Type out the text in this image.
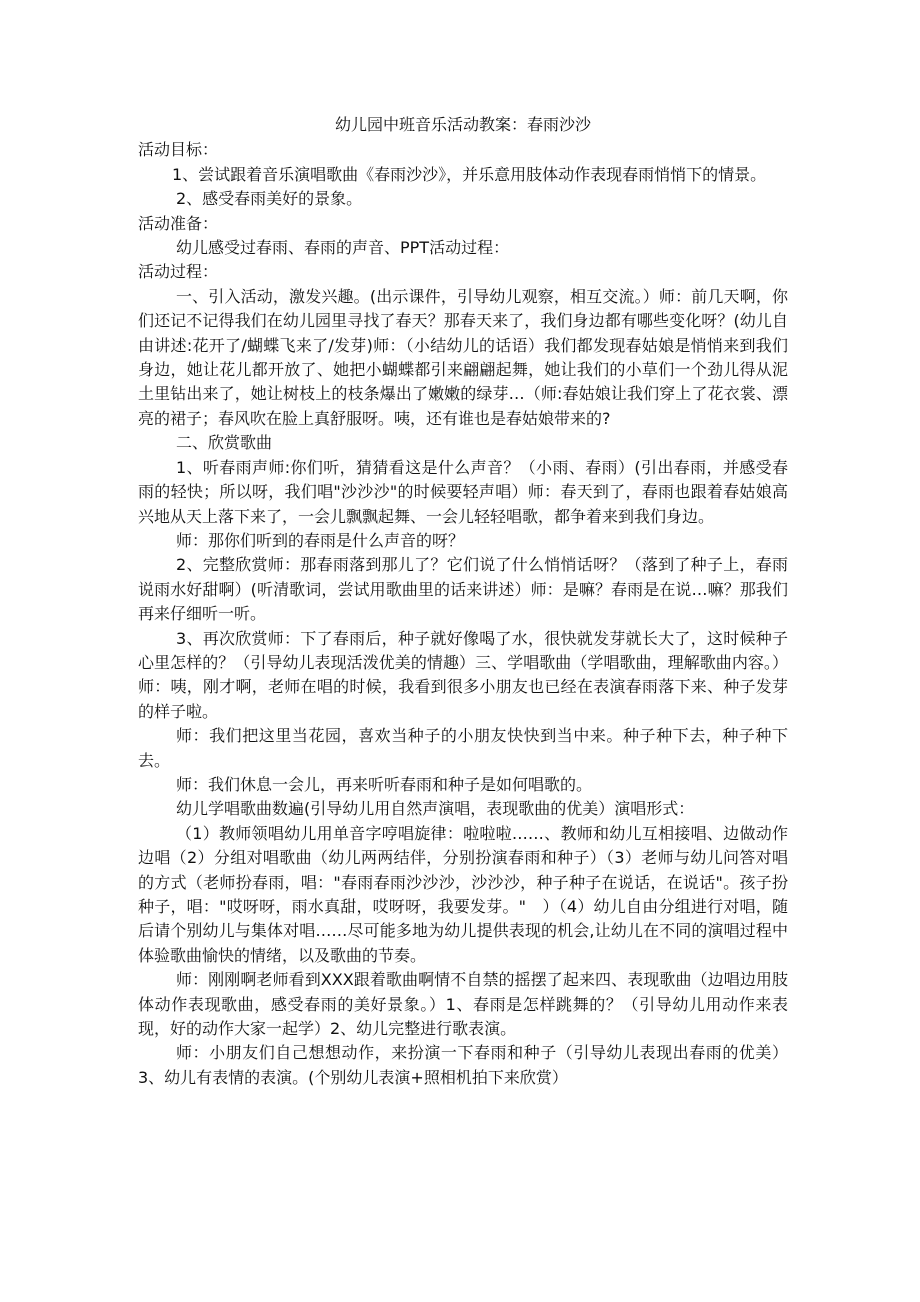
幼儿园中班音乐活动教案：春雨沙沙

活动目标：

1、尝试跟着音乐演唱歌曲《春雨沙沙》，并乐意用肢体动作表现春雨悄悄下的情景。

2、感受春雨美好的景象。

活动准备：

幼儿感受过春雨、春雨的声音、PPT活动过程：

活动过程：

一、引入活动，激发兴趣。(出示课件，引导幼儿观察，相互交流。）师：前几天啊，你们还记不记得我们在幼儿园里寻找了春天？那春天来了，我们身边都有哪些变化呀？(幼儿自由讲述:花开了/蝴蝶飞来了/发芽)师：（小结幼儿的话语）我们都发现春姑娘是悄悄来到我们身边，她让花儿都开放了、她把小蝴蝶都引来翩翩起舞，她让我们的小草们一个劲儿得从泥土里钻出来了，她让树枝上的枝条爆出了嫩嫩的绿芽…（师:春姑娘让我们穿上了花衣裳、漂亮的裙子；春风吹在脸上真舒服呀。咦，还有谁也是春姑娘带来的?

二、欣赏歌曲

1、听春雨声师:你们听，猜猜看这是什么声音？（小雨、春雨）(引出春雨，并感受春雨的轻快；所以呀，我们唱"沙沙沙"的时候要轻声唱）师：春天到了，春雨也跟着春姑娘高兴地从天上落下来了，一会儿飘飘起舞、一会儿轻轻唱歌，都争着来到我们身边。

师：那你们听到的春雨是什么声音的呀？

2、完整欣赏师：那春雨落到那儿了？它们说了什么悄悄话呀？（落到了种子上，春雨说雨水好甜啊）(听清歌词，尝试用歌曲里的话来讲述）师：是嘛？春雨是在说…嘛？那我们再来仔细听一听。

3、再次欣赏师：下了春雨后，种子就好像喝了水，很快就发芽就长大了，这时候种子心里怎样的？（引导幼儿表现活泼优美的情趣）三、学唱歌曲（学唱歌曲，理解歌曲内容。）师：咦，刚才啊，老师在唱的时候，我看到很多小朋友也已经在表演春雨落下来、种子发芽的样子啦。

师：我们把这里当花园，喜欢当种子的小朋友快快到当中来。种子种下去，种子种下去。

师：我们休息一会儿，再来听听春雨和种子是如何唱歌的。

幼儿学唱歌曲数遍(引导幼儿用自然声演唱，表现歌曲的优美）演唱形式：

（1）教师领唱幼儿用单音字哼唱旋律：啦啦啦……、教师和幼儿互相接唱、边做动作边唱（2）分组对唱歌曲（幼儿两两结伴，分别扮演春雨和种子）（3）老师与幼儿问答对唱的方式（老师扮春雨，唱："春雨春雨沙沙沙，沙沙沙，种子种子在说话，在说话"。孩子扮种子，唱："哎呀呀，雨水真甜，哎呀呀，我要发芽。"　）（4）幼儿自由分组进行对唱，随后请个别幼儿与集体对唱……尽可能多地为幼儿提供表现的机会,让幼儿在不同的演唱过程中体验歌曲愉快的情绪，以及歌曲的节奏。

师：刚刚啊老师看到XXX跟着歌曲啊情不自禁的摇摆了起来四、表现歌曲（边唱边用肢体动作表现歌曲，感受春雨的美好景象。）1、春雨是怎样跳舞的？（引导幼儿用动作来表现，好的动作大家一起学）2、幼儿完整进行歌表演。

师：小朋友们自己想想动作，来扮演一下春雨和种子（引导幼儿表现出春雨的优美）3、幼儿有表情的表演。(个别幼儿表演+照相机拍下来欣赏）
